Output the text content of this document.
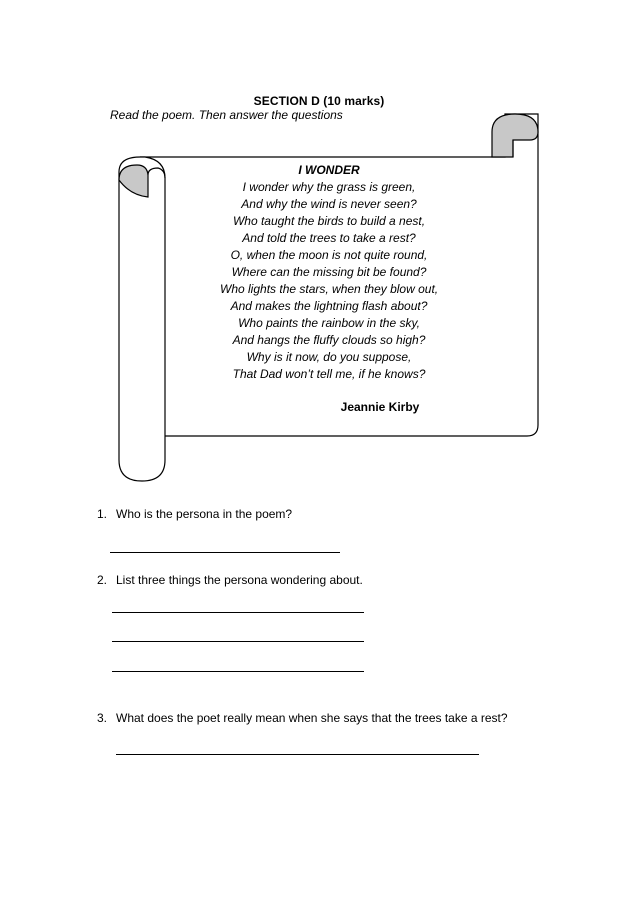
SECTION D (10 marks)
Read the poem. Then answer the questions
I WONDER
I wonder why the grass is green,
And why the wind is never seen?
Who taught the birds to build a nest,
And told the trees to take a rest?
O, when the moon is not quite round,
Where can the missing bit be found?
Who lights the stars, when they blow out,
And makes the lightning flash about?
Who paints the rainbow in the sky,
And hangs the fluffy clouds so high?
Why is it now, do you suppose,
That Dad won’t tell me, if he knows?
Jeannie Kirby
1. Who is the persona in the poem?
2. List three things the persona wondering about.
3. What does the poet really mean when she says that the trees take a rest?
